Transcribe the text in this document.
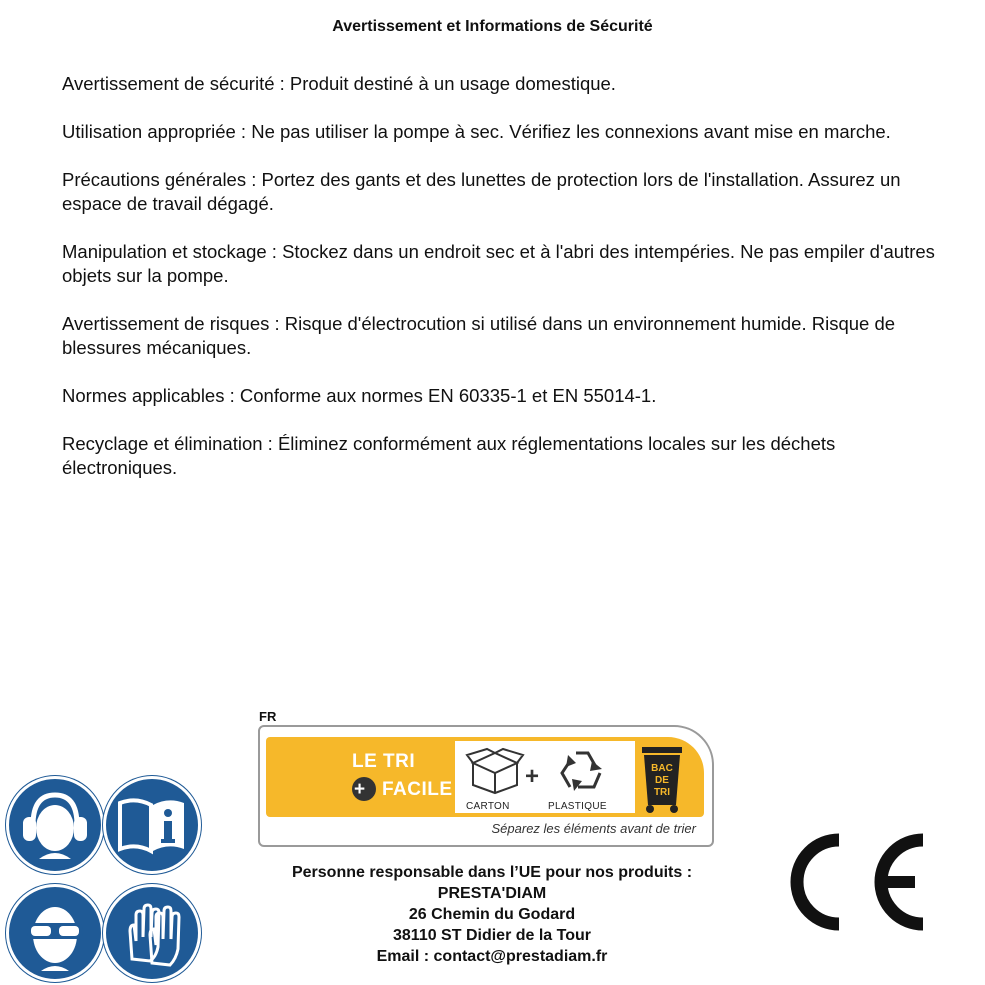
Avertissement et Informations de Sécurité

Avertissement de sécurité : Produit destiné à un usage domestique.

Utilisation appropriée : Ne pas utiliser la pompe à sec. Vérifiez les connexions avant mise en marche.

Précautions générales : Portez des gants et des lunettes de protection lors de l'installation. Assurez un espace de travail dégagé.

Manipulation et stockage : Stockez dans un endroit sec et à l'abri des intempéries. Ne pas empiler d'autres objets sur la pompe.

Avertissement de risques : Risque d'électrocution si utilisé dans un environnement humide. Risque de blessures mécaniques.

Normes applicables : Conforme aux normes EN 60335-1 et EN 55014-1.

Recyclage et élimination : Éliminez conformément aux réglementations locales sur les déchets électroniques.

FR
LE TRI
+ FACILE
CARTON
+
PLASTIQUE
BAC
DE
TRI
Séparez les éléments avant de trier
Personne responsable dans l’UE pour nos produits :
PRESTA'DIAM
26 Chemin du Godard
38110 ST Didier de la Tour
Email : contact@prestadiam.fr
